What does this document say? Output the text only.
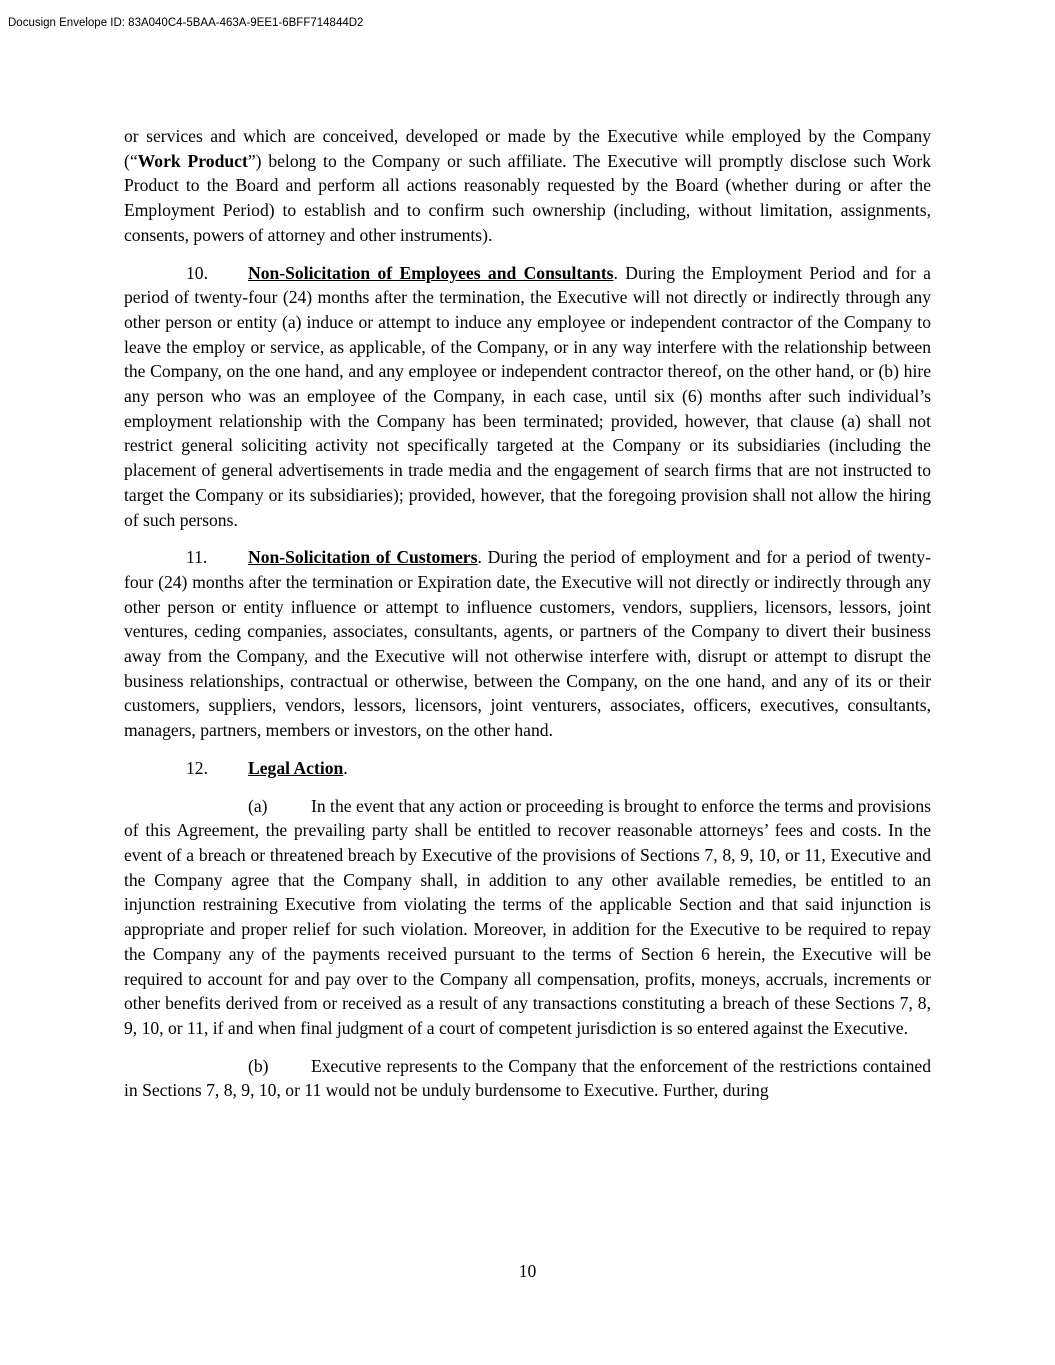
Docusign Envelope ID: 83A040C4-5BAA-463A-9EE1-6BFF714844D2

or services and which are conceived, developed or made by the Executive while employed by the Company (“Work Product”) belong to the Company or such affiliate. The Executive will promptly disclose such Work Product to the Board and perform all actions reasonably requested by the Board (whether during or after the Employment Period) to establish and to confirm such ownership (including, without limitation, assignments, consents, powers of attorney and other instruments).

10. Non-Solicitation of Employees and Consultants. During the Employment Period and for a period of twenty-four (24) months after the termination, the Executive will not directly or indirectly through any other person or entity (a) induce or attempt to induce any employee or independent contractor of the Company to leave the employ or service, as applicable, of the Company, or in any way interfere with the relationship between the Company, on the one hand, and any employee or independent contractor thereof, on the other hand, or (b) hire any person who was an employee of the Company, in each case, until six (6) months after such individual’s employment relationship with the Company has been terminated; provided, however, that clause (a) shall not restrict general soliciting activity not specifically targeted at the Company or its subsidiaries (including the placement of general advertisements in trade media and the engagement of search firms that are not instructed to target the Company or its subsidiaries); provided, however, that the foregoing provision shall not allow the hiring of such persons.

11. Non-Solicitation of Customers. During the period of employment and for a period of twenty-four (24) months after the termination or Expiration date, the Executive will not directly or indirectly through any other person or entity influence or attempt to influence customers, vendors, suppliers, licensors, lessors, joint ventures, ceding companies, associates, consultants, agents, or partners of the Company to divert their business away from the Company, and the Executive will not otherwise interfere with, disrupt or attempt to disrupt the business relationships, contractual or otherwise, between the Company, on the one hand, and any of its or their customers, suppliers, vendors, lessors, licensors, joint venturers, associates, officers, executives, consultants, managers, partners, members or investors, on the other hand.

12. Legal Action.

(a) In the event that any action or proceeding is brought to enforce the terms and provisions of this Agreement, the prevailing party shall be entitled to recover reasonable attorneys’ fees and costs. In the event of a breach or threatened breach by Executive of the provisions of Sections 7, 8, 9, 10, or 11, Executive and the Company agree that the Company shall, in addition to any other available remedies, be entitled to an injunction restraining Executive from violating the terms of the applicable Section and that said injunction is appropriate and proper relief for such violation. Moreover, in addition for the Executive to be required to repay the Company any of the payments received pursuant to the terms of Section 6 herein, the Executive will be required to account for and pay over to the Company all compensation, profits, moneys, accruals, increments or other benefits derived from or received as a result of any transactions constituting a breach of these Sections 7, 8, 9, 10, or 11, if and when final judgment of a court of competent jurisdiction is so entered against the Executive.

(b) Executive represents to the Company that the enforcement of the restrictions contained in Sections 7, 8, 9, 10, or 11 would not be unduly burdensome to Executive. Further, during

10
